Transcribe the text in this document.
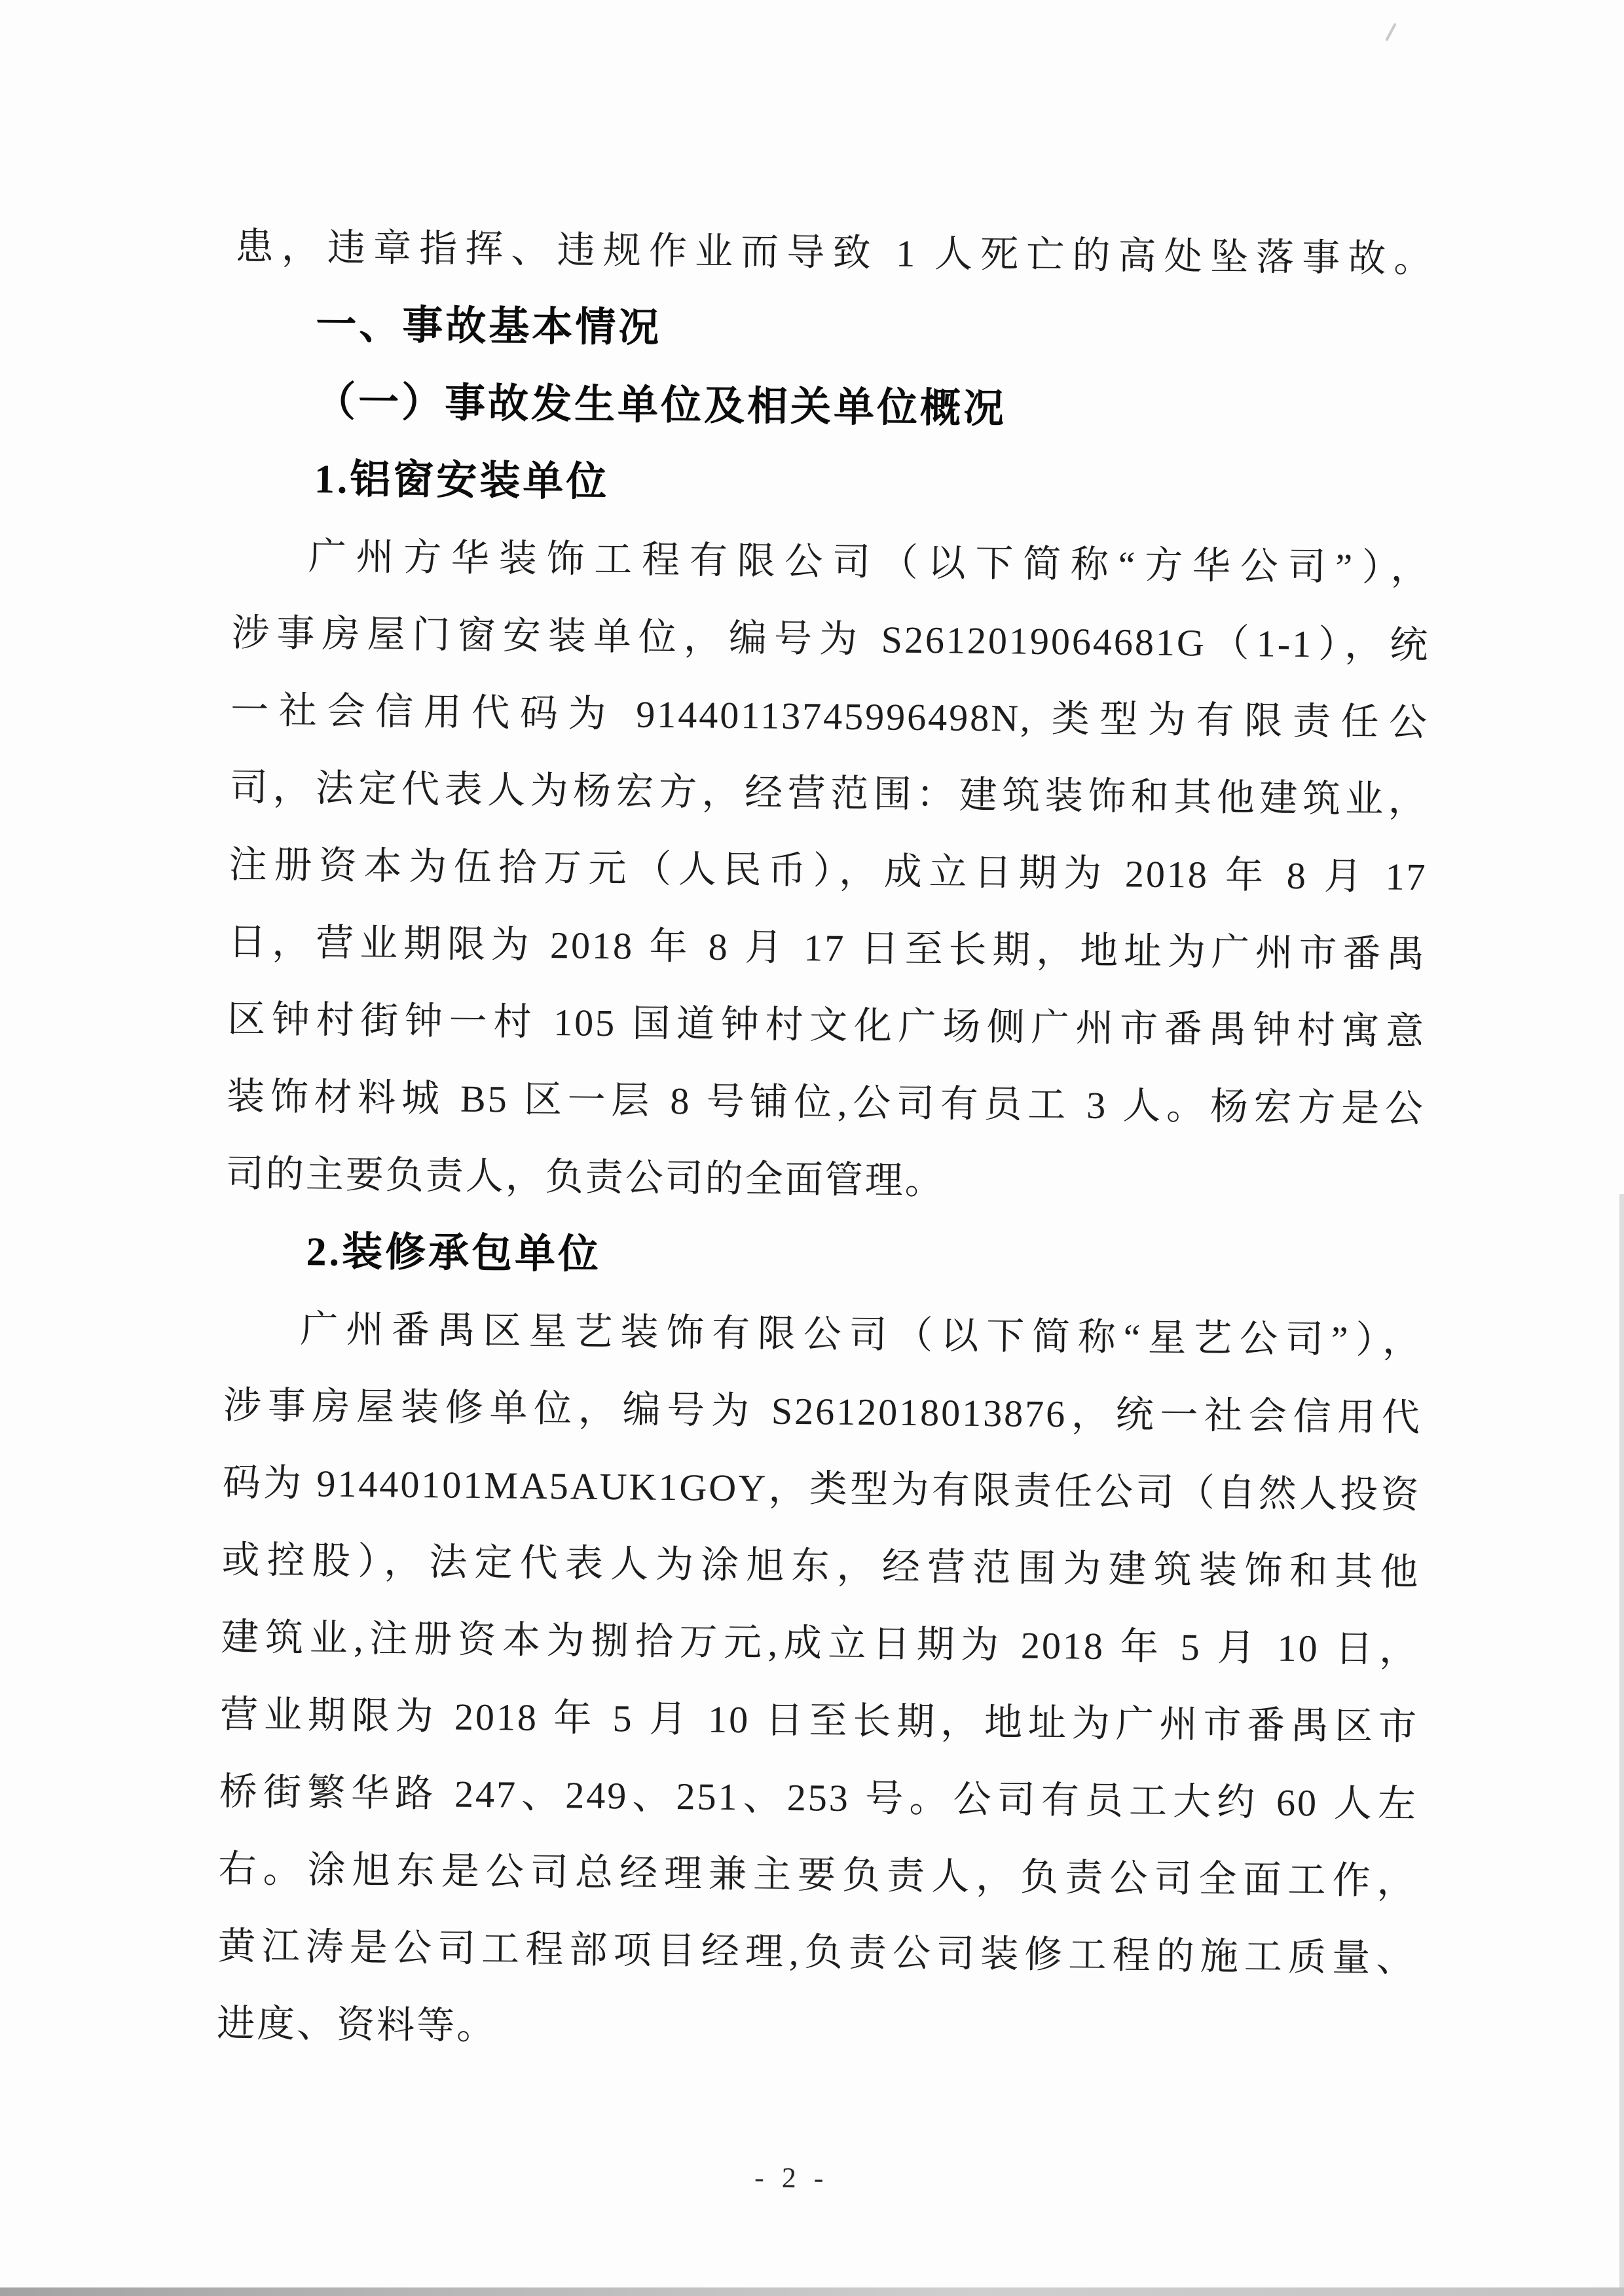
患，违章指挥、违规作业而导致 1 人死亡的高处坠落事故。
一、事故基本情况
（一）事故发生单位及相关单位概况
1.铝窗安装单位
广州方华装饰工程有限公司（以下简称“方华公司”），
涉事房屋门窗安装单位，编号为 S2612019064681G（1-1），统
一社会信用代码为 91440113745996498N, 类型为有限责任公
司，法定代表人为杨宏方，经营范围：建筑装饰和其他建筑业，
注册资本为伍拾万元（人民币），成立日期为 2018 年 8 月 17
日，营业期限为 2018 年 8 月 17 日至长期，地址为广州市番禺
区钟村街钟一村 105 国道钟村文化广场侧广州市番禺钟村寓意
装饰材料城 B5 区一层 8 号铺位,公司有员工 3 人。杨宏方是公
司的主要负责人，负责公司的全面管理。
2.装修承包单位
广州番禺区星艺装饰有限公司（以下简称“星艺公司”），
涉事房屋装修单位，编号为 S2612018013876，统一社会信用代
码为 91440101MA5AUK1GOY，类型为有限责任公司（自然人投资
或控股），法定代表人为涂旭东，经营范围为建筑装饰和其他
建筑业,注册资本为捌拾万元,成立日期为 2018 年 5 月 10 日，
营业期限为 2018 年 5 月 10 日至长期，地址为广州市番禺区市
桥街繁华路 247、249、251、253 号。公司有员工大约 60 人左
右。涂旭东是公司总经理兼主要负责人，负责公司全面工作，
黄江涛是公司工程部项目经理,负责公司装修工程的施工质量、
进度、资料等。
- 2 -
